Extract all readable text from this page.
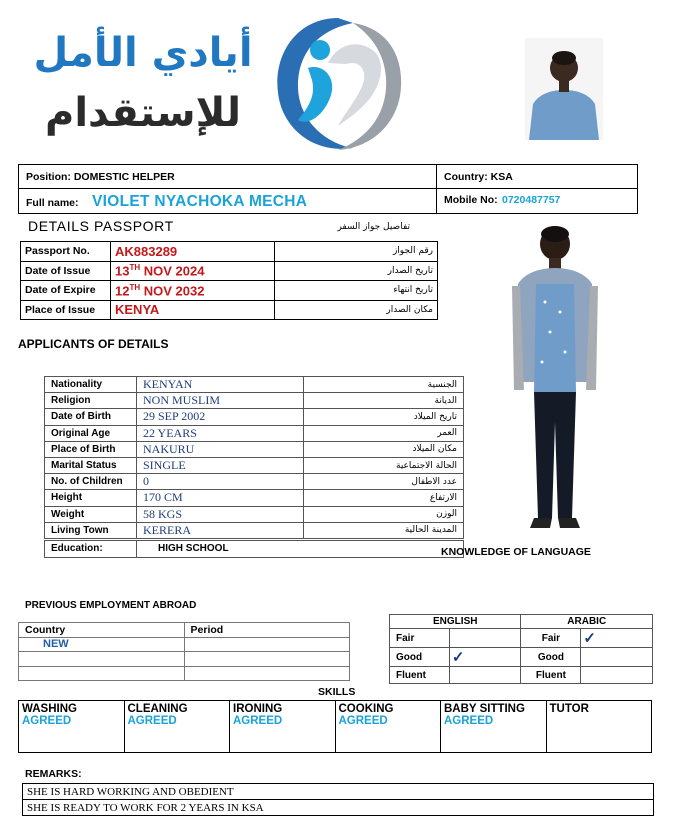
أيادي الأمل
للإستقدام
Position: DOMESTIC HELPER	Country: KSA
Full name: VIOLET NYACHOKA MECHA	Mobile No: 0720487757
DETAILS PASSPORT	تفاصيل جواز السفر
Passport No.	AK883289	رقم الجواز
Date of Issue	13TH NOV 2024	تاريخ الصدار
Date of Expire	12TH NOV 2032	تاريخ انتهاء
Place of Issue	KENYA	مكان الصدار
APPLICANTS OF DETAILS
Nationality	KENYAN	الجنسية
Religion	NON MUSLIM	الديانة
Date of Birth	29 SEP 2002	تاريخ الميلاد
Original Age	22 YEARS	العمر
Place of Birth	NAKURU	مكان الميلاد
Marital Status	SINGLE	الحالة الاجتماعية
No. of Children	0	عدد الاطفال
Height	170 CM	الارتفاع
Weight	58 KGS	الوزن
Living Town	KERERA	المدينة الحالية
Education:	HIGH SCHOOL	KNOWLEDGE OF LANGUAGE
PREVIOUS EMPLOYMENT ABROAD
Country	Period
NEW	

ENGLISH		ARABIC	
Fair		Fair	✓
Good	✓	Good	
Fluent		Fluent	
SKILLS
WASHING
AGREED

CLEANING
AGREED

IRONING
AGREED

COOKING
AGREED

BABY SITTING
AGREED

TUTOR
REMARKS:
SHE IS HARD WORKING AND OBEDIENT
SHE IS READY TO WORK FOR 2 YEARS IN KSA
